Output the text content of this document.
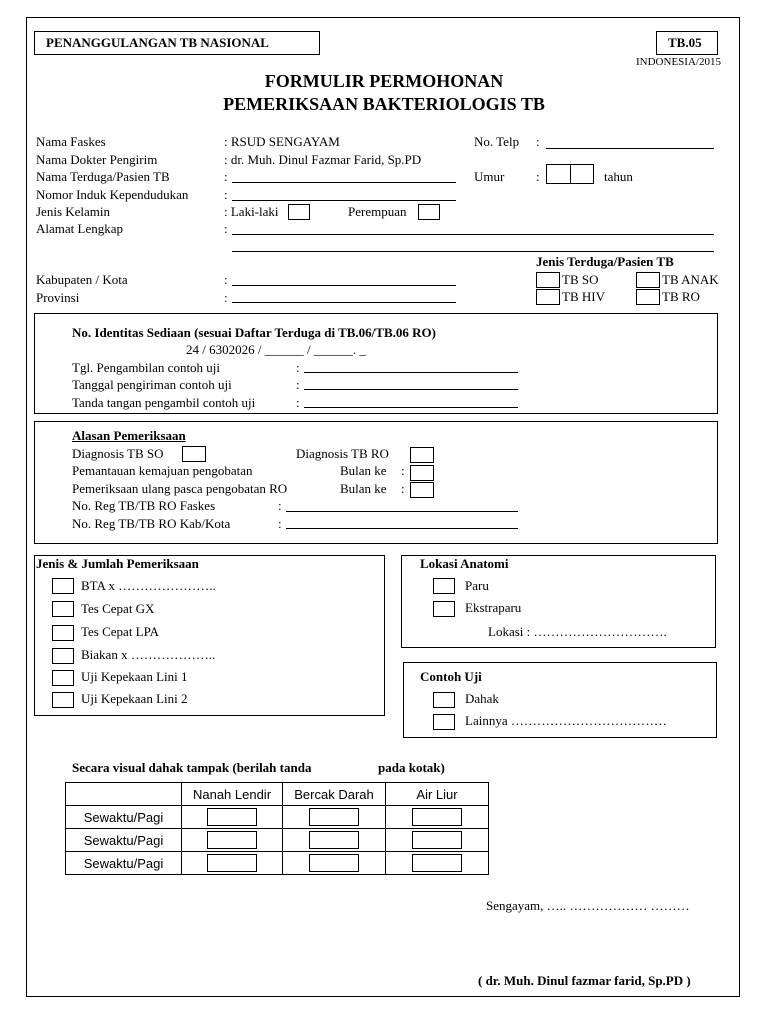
PENANGGULANGAN TB NASIONAL	TB.05
INDONESIA/2015
FORMULIR PERMOHONAN
PEMERIKSAAN BAKTERIOLOGIS TB
Nama Faskes	: RSUD SENGAYAM
Nama Dokter Pengirim	: dr. Muh. Dinul Fazmar Farid, Sp.PD
Nama Terduga/Pasien TB	:
Nomor Induk Kependudukan	:
Jenis Kelamin	: Laki-laki	Perempuan
Alamat Lengkap	:
No. Telp :
Umur :	tahun
Jenis Terduga/Pasien TB
TB SO	TB ANAK
TB HIV	TB RO
Kabupaten / Kota	:
Provinsi	:
No. Identitas Sediaan (sesuai Daftar Terduga di TB.06/TB.06 RO)
24 / 6302026 / ______ / ______. _
Tgl. Pengambilan contoh uji	:
Tanggal pengiriman contoh uji	:
Tanda tangan pengambil contoh uji	:
Alasan Pemeriksaan
Diagnosis TB SO	Diagnosis TB RO
Pemantauan kemajuan pengobatan	Bulan ke :
Pemeriksaan ulang pasca pengobatan RO	Bulan ke :
No. Reg TB/TB RO Faskes	:
No. Reg TB/TB RO Kab/Kota	:
Jenis & Jumlah Pemeriksaan
BTA x …………………..
Tes Cepat GX
Tes Cepat LPA
Biakan x ………………..
Uji Kepekaan Lini 1
Uji Kepekaan Lini 2
Lokasi Anatomi
Paru
Ekstraparu
Lokasi : ………………………….
Contoh Uji
Dahak
Lainnya ………………………………
Secara visual dahak tampak (berilah tanda	pada kotak)
	Nanah Lendir	Bercak Darah	Air Liur
Sewaktu/Pagi			
Sewaktu/Pagi			
Sewaktu/Pagi			
Sengayam, ….. ……………… ………
( dr. Muh. Dinul fazmar farid, Sp.PD )
